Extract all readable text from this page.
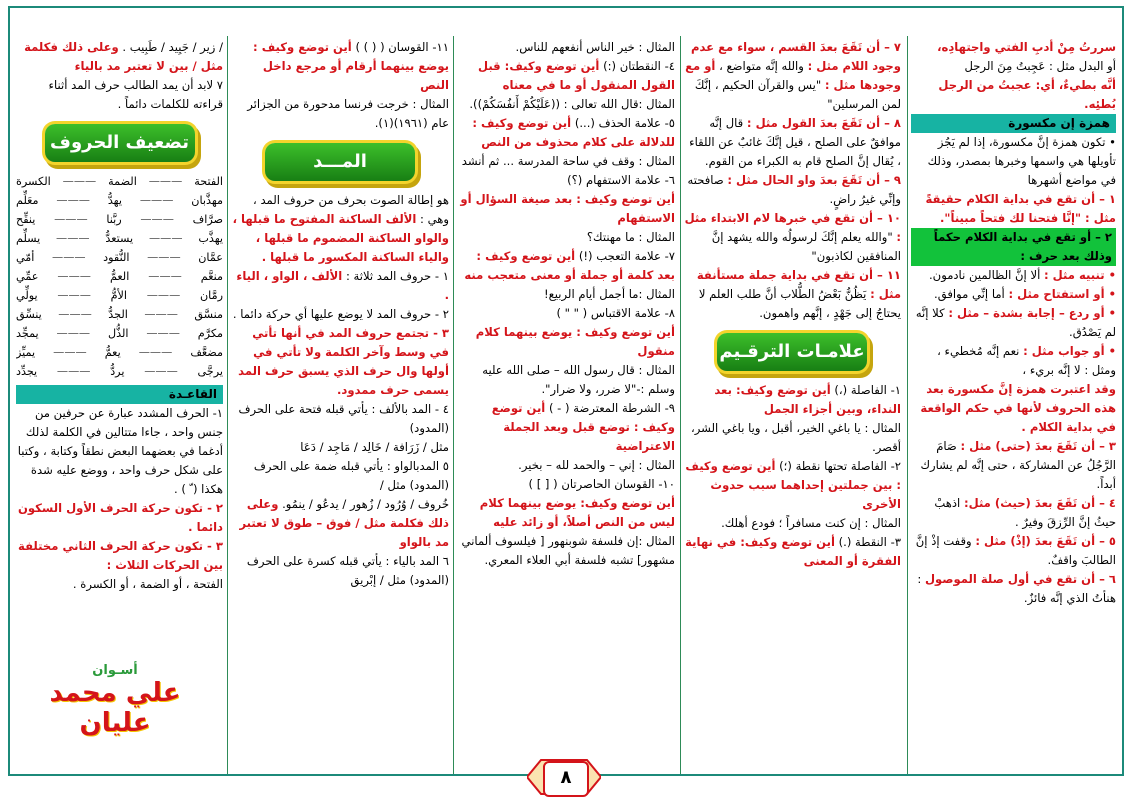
سررتُ مِنْ أدبِ الفتي واجتهادِه،

أو البدل مثل : عَجِبتُ مِنَ الرجل

أنَّه بطيءٌ، أي: عجبتُ من الرجل

بُطئِه.

همزة إن مكسورة

• تكون همزة إنَّ مكسورة، إذا لم يَجُز تأويلها هي واسمها وخبرها بمصدر، وذلك في مواضع أشهرها

١ – أن تقع في بداية الكلام حقيقةً مثل : "إنَّا فتحنا لك فتحاً مبيناً".

٢ – أو تقع في بداية الكلام حكماً وذلك بعد حرف :

• تنبيه مثل : ألا إنَّ الظالمين نادمون.

• أو استفتاح مثل : أما إنِّي موافق.

• أو ردع – إجابة بشدة – مثل : كلا إنَّه لم يَصْدُق.

• أو جواب مثل : نعم إنَّه مُخطيء ، ومثل : لا إنَّه بريء ،

وقد اعتبرت همزة إنَّ مكسورة بعد هذه الحروف لأنها في حكم الواقعة في بداية الكلام .

٣ – أن تَقَعَ بعدَ (حتى) مثل : صَامَ الرَّجُلُ عن المشاركة ، حتى إنَّه لم يشارك أبداً.

٤ – أن تَقَعَ بعدَ (حيث) مثل: اذهبْ حيثُ إنَّ الرِّزقَ وفيرٌ .

٥ – أن تَقَعَ بعدَ (إذْ) مثل : وقفت إذْ إنَّ الطالبَ واقفٌ.

٦ – أن تقع في أول صلة الموصول : هنأتُ الذي إنَّه فائزٌ.

٧ – أن تَقَعَ بعدَ القسم ، سواء مع عدم وجود اللام مثل : والله إنَّه متواضع ، أو مع وجودها مثل : "يس والقرآن الحكيم ، إنَّكَ لمن المرسلين"

٨ – أن تَقَعَ بعدَ القول مثل : قال إنَّه موافقٌ على الصلح ، قيل إنَّكَ غائبٌ عن اللقاء ، يُقال إنَّ الصلح قام به الكبراء من القوم.

٩ – أن تَقَعَ بعدَ واو الحال مثل : صافحته وإنِّي غيرُ راضٍ.

١٠ – أن تقع في خبرها لام الابتداء مثل : "والله يعلم إنَّكَ لرسولُه والله يشهد إنَّ المنافقين لكاذبون"

١١ – أن تقع في بداية جملة مستأنفة مثل : يَظُنُّ بَعْضُ الطُّلاب أنَّ طلب العلم لا يحتاجُ إلى جَهْدٍ ، إنَّهم واهمون.

علامـات الترقـيم

١- الفاصلة (،) أين توضع وكيف: بعد النداء، وبين أجزاء الجمل

المثال : يا باغي الخير، أقبل ، ويا باغي الشر، أقصر.

٢- الفاصلة تحتها نقطة (؛) أين توضع وكيف : بين جملتين إحداهما سبب حدوث الأخرى

المثال : إن كنت مسافراً ؛ فودع أهلك.

٣- النقطة (.) أين توضع وكيف: في نهاية الفقرة أو المعنى

المثال : خير الناس أنفعهم للناس.

٤- النقطتان (:) أين توضع وكيف: قبل القول المنقول أو ما في معناه

المثال :قال الله تعالى : ((عَلَيْكُمْ أَنفُسَكُمْ)).

٥- علامة الحذف (...) أين توضع وكيف : للدلالة على كلام محذوف من النص

المثال : وقف في ساحة المدرسة ... ثم أنشد

٦- علامة الاستفهام (؟)

أين توضع وكيف : بعد صيغة السؤال أو الاستفهام

المثال : ما مهنتك؟

٧- علامة التعجب (!) أين توضع وكيف : بعد كلمة أو جملة أو معنى متعجب منه

المثال :ما أجمل أيام الربيع!

٨- علامة الاقتباس ( " " )

أين توضع وكيف : يوضع بينهما كلام منقول

المثال : قال رسول الله – صلى الله عليه وسلم :-"لا ضرر، ولا ضرار".

٩- الشرطة المعترضة ( - ) أين توضع وكيف : توضع قبل وبعد الجملة الاعتراضية

المثال : إني – والحمد لله – بخير.

١٠- القوسان الحاصرتان ( [ ] )

أين توضع وكيف: يوضع بينهما كلام ليس من النص أصلاً، أو زائد عليه

المثال :إن فلسفة شوبنهور [ فيلسوف ألماني مشهور] تشبه فلسفة أبي العلاء المعري.

١١- القوسان ( ( ) ) أين توضع وكيف : يوضع بينهما أرقام أو مرجع داخل النص

المثال : خرجت فرنسا مدحورة من الجزائر عام (١٩٦١)(١).

المـــد

هو إطالة الصوت بحرف من حروف المد ، وهي : الألف الساكنة المفتوح ما قبلها ، والواو الساكنة المضموم ما قبلها ، والياء الساكنة المكسور ما قبلها .

١ - حروف المد ثلاثة : الألف ، الواو ، الياء .

٢ - حروف المد لا يوضع عليها أي حركة دائما .

٣ - تجتمع حروف المد في أنها تأتي في وسط وآخر الكلمة ولا تأتي في أولها وال حرف الذي يسبق حرف المد يسمى حرف ممدود.

٤ - المد بالألف : يأتي قبله فتحة على الحرف (المدود)

مثل / زَرَافة / خَالِد / مَاجِد / دَعَا

٥ المدبالواو : يأتي قبله ضمة على الحرف (المدود) مثل /

خُروف / وُرُود / زُهور / يدعُو / ينمُو. وعلى ذلك فكلمة مثل / فوق – طوق لا تعتبر مد بالواو

٦ المد بالياء : يأتي قبله كسرة على الحرف (المدود) مثل / إبْريق

/ زير / جَيِيد / طَبِيب . وعلى ذلك فكلمة مثل / بين لا تعتبر مد بالياء

٧ لابد أن يمد الطالب حرف المد أثناء قراءته للكلمات دائماً .

تضعيف الحروف
الفتحة
———
الضمة
———
الكسرة
مهذَّبان
———
يهدُّ
———
معَلِّم
صرَّاف
———
ربَّنا
———
ينقِّح
يهذَّب
———
يستعدُّ
———
يسلِّم
عمَّان
———
النُّقود
———
أمّي
منعَّم
———
العمُّ
———
عمِّي
رمَّان
———
الأمُّ
———
يولِّي
منسَّق
———
الجدُّ
———
ينسِّق
مكرَّم
———
الذُّل
———
يمجِّد
مضعَّف
———
يعمُّ
———
يميِّز
يرجَّى
———
يردُّ
———
يجدِّد

القاعـدة

١- الحرف المشدد عبارة عن حرفين من جنس واحد ، جاءا متتالين في الكلمة لذلك أدغما في بعضهما البعض نطقاً وكتابة ، وكتبا على شكل حرف واحد ، ووضع عليه شدة هكذا ( ّ ) .

٢ - تكون حركة الحرف الأول السكون دائما .

٣ - تكون حركة الحرف الثاني مختلفة بين الحركات الثلاث :

الفتحة ، أو الضمة ، أو الكسرة .

أسـوان
علي محمد عليان
٨
